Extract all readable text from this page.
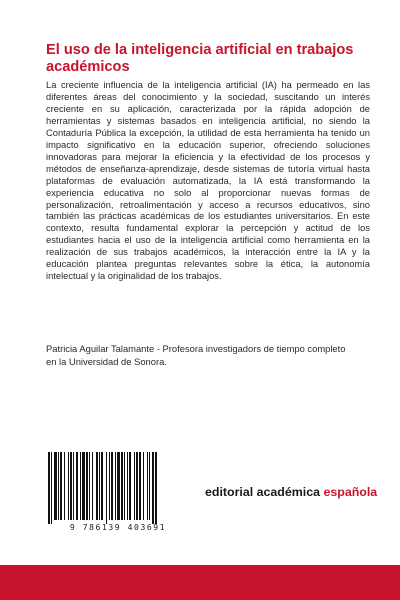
El uso de la inteligencia artificial en trabajos académicos

La creciente influencia de la inteligencia artificial (IA) ha permeado en las diferentes áreas del conocimiento y la sociedad, suscitando un interés creciente en su aplicación, caracterizada por la rápida adopción de herramientas y sistemas basados en inteligencia artificial, no siendo la Contaduría Pública la excepción, la utilidad de esta herramienta ha tenido un impacto significativo en la educación superior, ofreciendo soluciones innovadoras para mejorar la eficiencia y la efectividad de los procesos y métodos de enseñanza-aprendizaje, desde sistemas de tutoría virtual hasta plataformas de evaluación automatizada, la IA está transformando la experiencia educativa no solo al proporcionar nuevas formas de personalización, retroalimentación y acceso a recursos educativos, sino también las prácticas académicas de los estudiantes universitarios. En este contexto, resulta fundamental explorar la percepción y actitud de los estudiantes hacia el uso de la inteligencia artificial como herramienta en la realización de sus trabajos académicos, la interacción entre la IA y la educación plantea preguntas relevantes sobre la ética, la autonomía intelectual y la originalidad de los trabajos.

Patricia Aguilar Talamante - Profesora investigadors de tiempo completo en la Universidad de Sonora.

9 786139 403691
editorial académica española
